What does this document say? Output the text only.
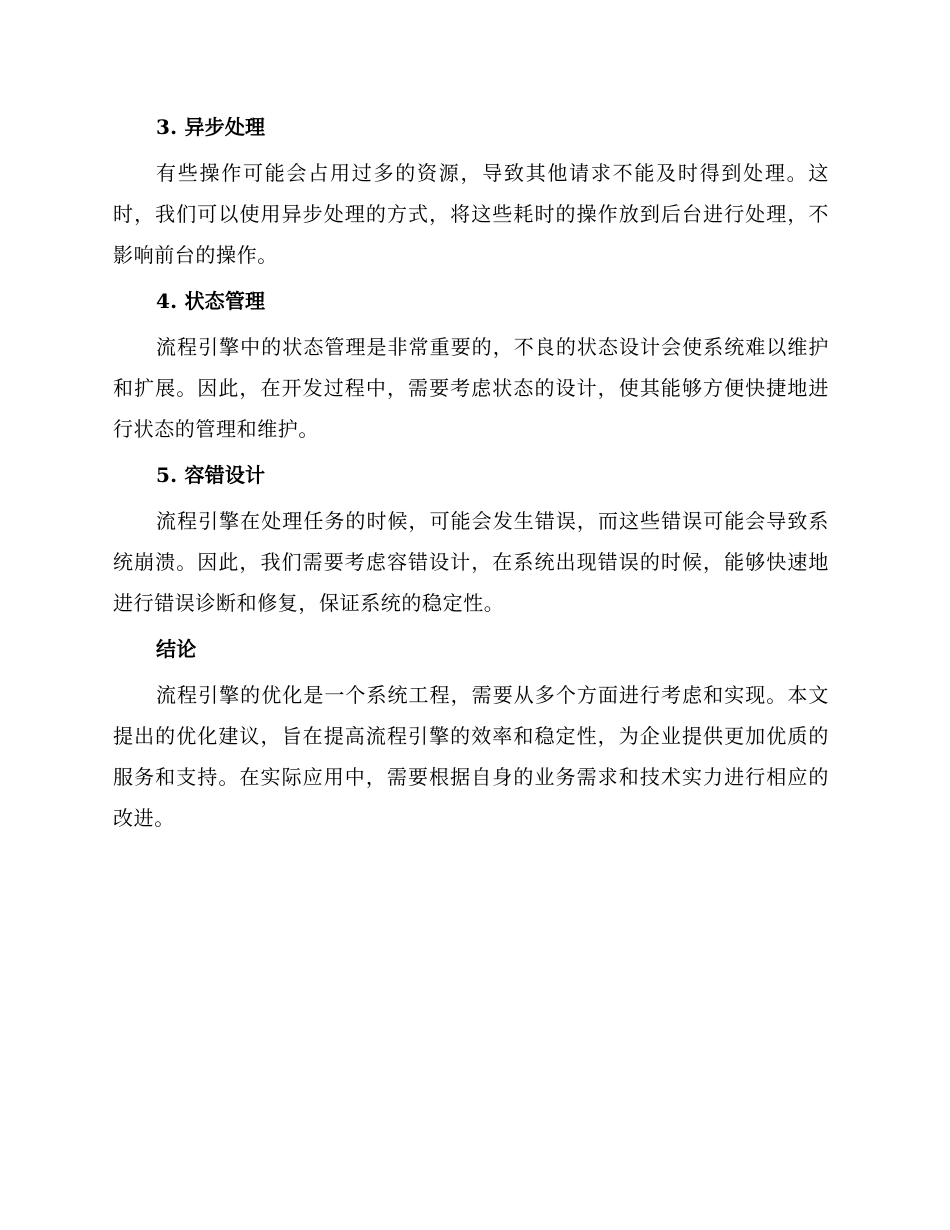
3. 异步处理

有些操作可能会占用过多的资源，导致其他请求不能及时得到处理。这时，我们可以使用异步处理的方式，将这些耗时的操作放到后台进行处理，不影响前台的操作。

4. 状态管理

流程引擎中的状态管理是非常重要的，不良的状态设计会使系统难以维护和扩展。因此，在开发过程中，需要考虑状态的设计，使其能够方便快捷地进行状态的管理和维护。

5. 容错设计

流程引擎在处理任务的时候，可能会发生错误，而这些错误可能会导致系统崩溃。因此，我们需要考虑容错设计，在系统出现错误的时候，能够快速地进行错误诊断和修复，保证系统的稳定性。

结论

流程引擎的优化是一个系统工程，需要从多个方面进行考虑和实现。本文提出的优化建议，旨在提高流程引擎的效率和稳定性，为企业提供更加优质的服务和支持。在实际应用中，需要根据自身的业务需求和技术实力进行相应的改进。
